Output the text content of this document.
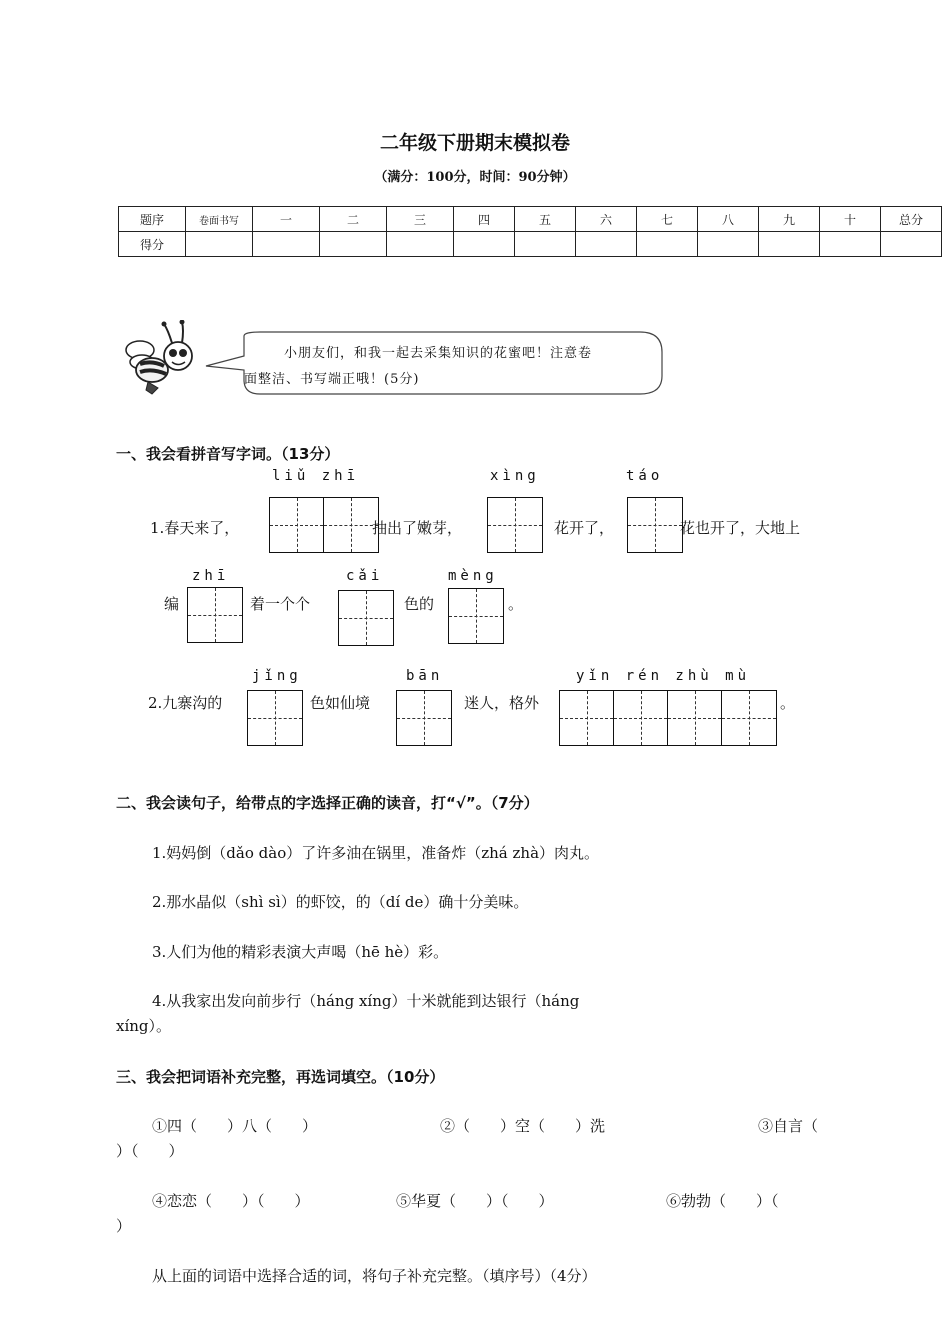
二年级下册期末模拟卷
（满分：100分，时间：90分钟）
题序	卷面书写	一	二	三	四	五	六	七	八	九	十	总分
得分												
小朋友们，和我一起去采集知识的花蜜吧！注意卷
面整洁、书写端正哦！(5分)
一、我会看拼音写字词。（13分）
liǔ zhī	xìng	táo
1.春天来了，	抽出了嫩芽，	花开了，	花也开了，大地上
zhī	cǎi	mèng
编	着一个个	色的	。
jǐng	bān	yǐn rén zhù mù
2.九寨沟的	色如仙境	迷人，格外	。
二、我会读句子，给带点的字选择正确的读音，打“√”。（7分）
1.妈妈倒（dǎo dào）了许多油在锅里，准备炸（zhá zhà）肉丸。
2.那水晶似（shì sì）的虾饺，的（dí de）确十分美味。
3.人们为他的精彩表演大声喝（hē hè）彩。
4.从我家出发向前步行（háng xíng）十米就能到达银行（háng
xíng）。
三、我会把词语补充完整，再选词填空。（10分）
①四（　　）八（　　）	②（　　）空（　　）洗	③自言（
）（　　）
④恋恋（　　）（　　）	⑤华夏（　　）（　　）	⑥勃勃（　　）（
）
从上面的词语中选择合适的词，将句子补充完整。（填序号）（4分）
